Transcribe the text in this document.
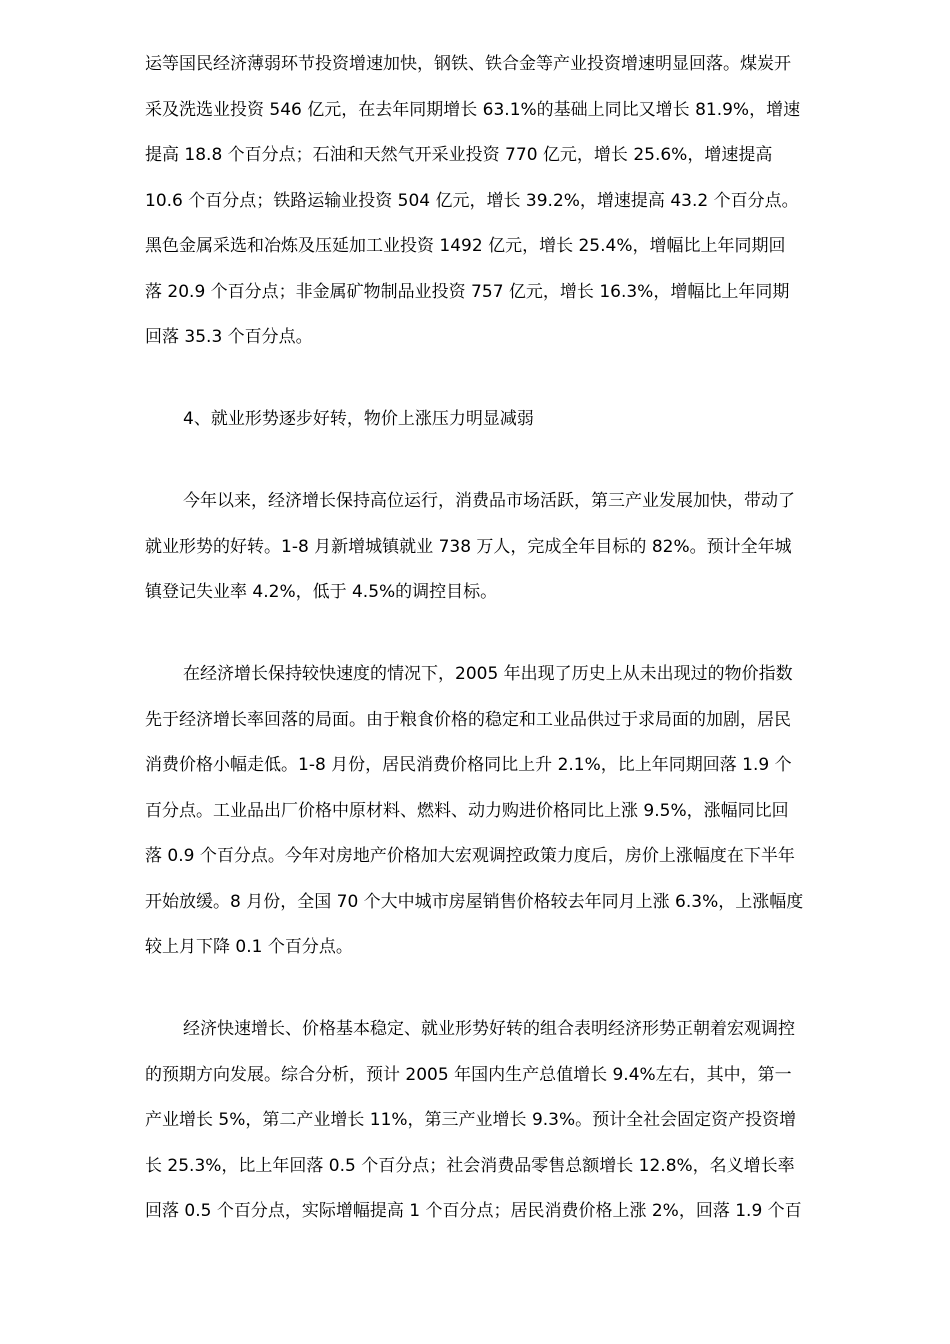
运等国民经济薄弱环节投资增速加快，钢铁、铁合金等产业投资增速明显回落。煤炭开
采及洗选业投资 546 亿元，在去年同期增长 63.1%的基础上同比又增长 81.9%，增速
提高 18.8 个百分点；石油和天然气开采业投资 770 亿元，增长 25.6%，增速提高
10.6 个百分点；铁路运输业投资 504 亿元，增长 39.2%，增速提高 43.2 个百分点。
黑色金属采选和冶炼及压延加工业投资 1492 亿元，增长 25.4%，增幅比上年同期回
落 20.9 个百分点；非金属矿物制品业投资 757 亿元，增长 16.3%，增幅比上年同期
回落 35.3 个百分点。
4、就业形势逐步好转，物价上涨压力明显减弱
今年以来，经济增长保持高位运行，消费品市场活跃，第三产业发展加快，带动了
就业形势的好转。1-8 月新增城镇就业 738 万人，完成全年目标的 82%。预计全年城
镇登记失业率 4.2%，低于 4.5%的调控目标。
在经济增长保持较快速度的情况下，2005 年出现了历史上从未出现过的物价指数
先于经济增长率回落的局面。由于粮食价格的稳定和工业品供过于求局面的加剧，居民
消费价格小幅走低。1-8 月份，居民消费价格同比上升 2.1%，比上年同期回落 1.9 个
百分点。工业品出厂价格中原材料、燃料、动力购进价格同比上涨 9.5%，涨幅同比回
落 0.9 个百分点。今年对房地产价格加大宏观调控政策力度后，房价上涨幅度在下半年
开始放缓。8 月份，全国 70 个大中城市房屋销售价格较去年同月上涨 6.3%，上涨幅度
较上月下降 0.1 个百分点。
经济快速增长、价格基本稳定、就业形势好转的组合表明经济形势正朝着宏观调控
的预期方向发展。综合分析，预计 2005 年国内生产总值增长 9.4%左右，其中，第一
产业增长 5%，第二产业增长 11%，第三产业增长 9.3%。预计全社会固定资产投资增
长 25.3%，比上年回落 0.5 个百分点；社会消费品零售总额增长 12.8%，名义增长率
回落 0.5 个百分点，实际增幅提高 1 个百分点；居民消费价格上涨 2%，回落 1.9 个百
